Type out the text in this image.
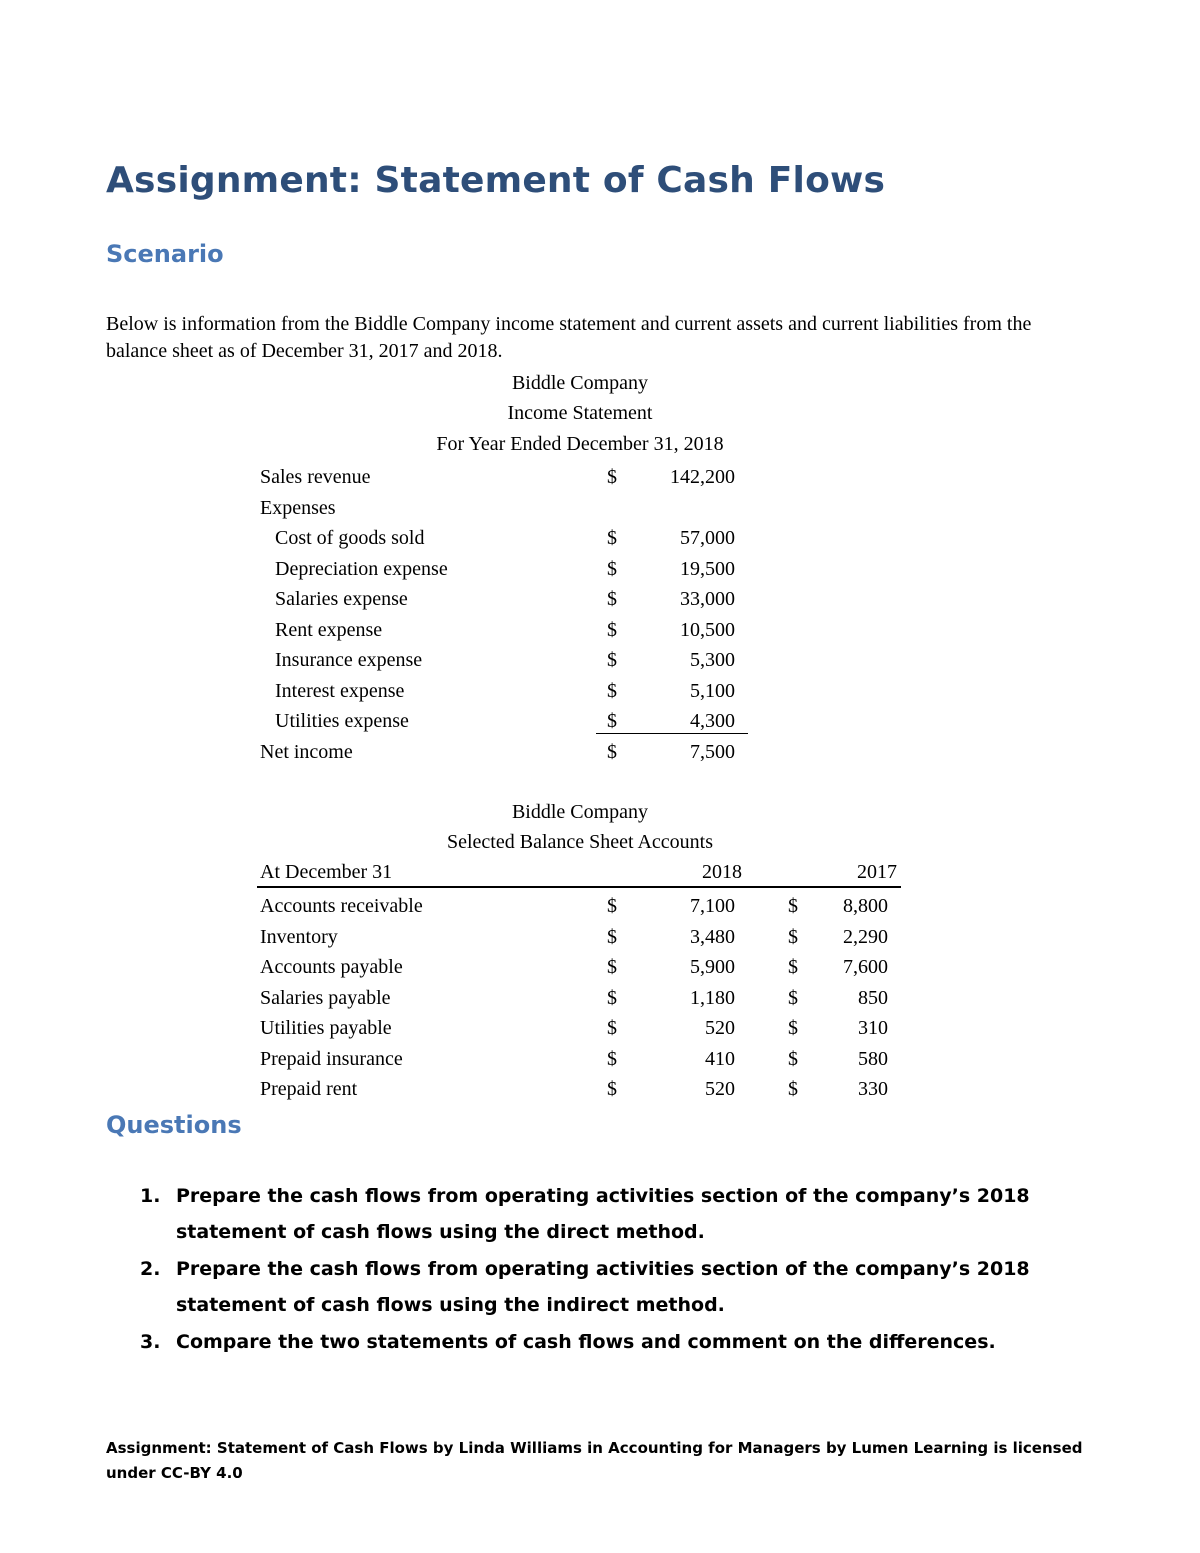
Assignment: Statement of Cash Flows
Scenario
Below is information from the Biddle Company income statement and current assets and current liabilities from the balance sheet as of December 31, 2017 and 2018.
Biddle Company
Income Statement
For Year Ended December 31, 2018
Sales revenue	$	142,200
Expenses
Cost of goods sold	$	57,000
Depreciation expense	$	19,500
Salaries expense	$	33,000
Rent expense	$	10,500
Insurance expense	$	5,300
Interest expense	$	5,100
Utilities expense	$	4,300
Net income	$	7,500
Biddle Company
Selected Balance Sheet Accounts
At December 31	2018	2017
Accounts receivable	$	7,100	$	8,800
Inventory	$	3,480	$	2,290
Accounts payable	$	5,900	$	7,600
Salaries payable	$	1,180	$	850
Utilities payable	$	520	$	310
Prepaid insurance	$	410	$	580
Prepaid rent	$	520	$	330
Questions
1. Prepare the cash flows from operating activities section of the company’s 2018 statement of cash flows using the direct method.
2. Prepare the cash flows from operating activities section of the company’s 2018 statement of cash flows using the indirect method.
3. Compare the two statements of cash flows and comment on the differences.
Assignment: Statement of Cash Flows by Linda Williams in Accounting for Managers by Lumen Learning is licensed under CC-BY 4.0
